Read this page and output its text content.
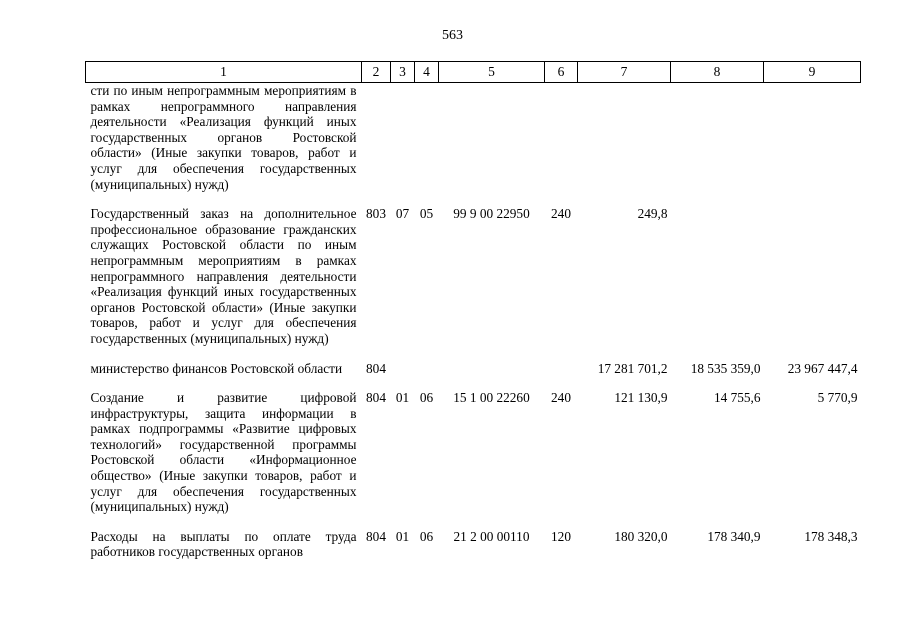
563
1	2	3	4	5	6	7	8	9
сти по иным непрограммным мероприятиям в рамках непрограммного направления деятельности «Реализация функций иных государственных органов Ростовской области» (Иные закупки товаров, работ и услуг для обеспечения государственных (муниципальных) нужд)								
Государственный заказ на дополнительное профессиональное образование гражданских служащих Ростовской области по иным непрограммным мероприятиям в рамках непрограммного направления деятельности «Реализация функций иных государственных органов Ростовской области» (Иные закупки товаров, работ и услуг для обеспечения государственных (муниципальных) нужд)	803	07	05	99 9 00 22950	240	249,8		
министерство финансов Ростовской области	804					17 281 701,2	18 535 359,0	23 967 447,4
Создание и развитие цифровой инфраструктуры, защита информации в рамках подпрограммы «Развитие цифровых технологий» государственной программы Ростовской области «Информационное общество» (Иные закупки товаров, работ и услуг для обеспечения государственных (муниципальных) нужд)	804	01	06	15 1 00 22260	240	121 130,9	14 755,6	5 770,9
Расходы на выплаты по оплате труда работников государственных органов	804	01	06	21 2 00 00110	120	180 320,0	178 340,9	178 348,3
